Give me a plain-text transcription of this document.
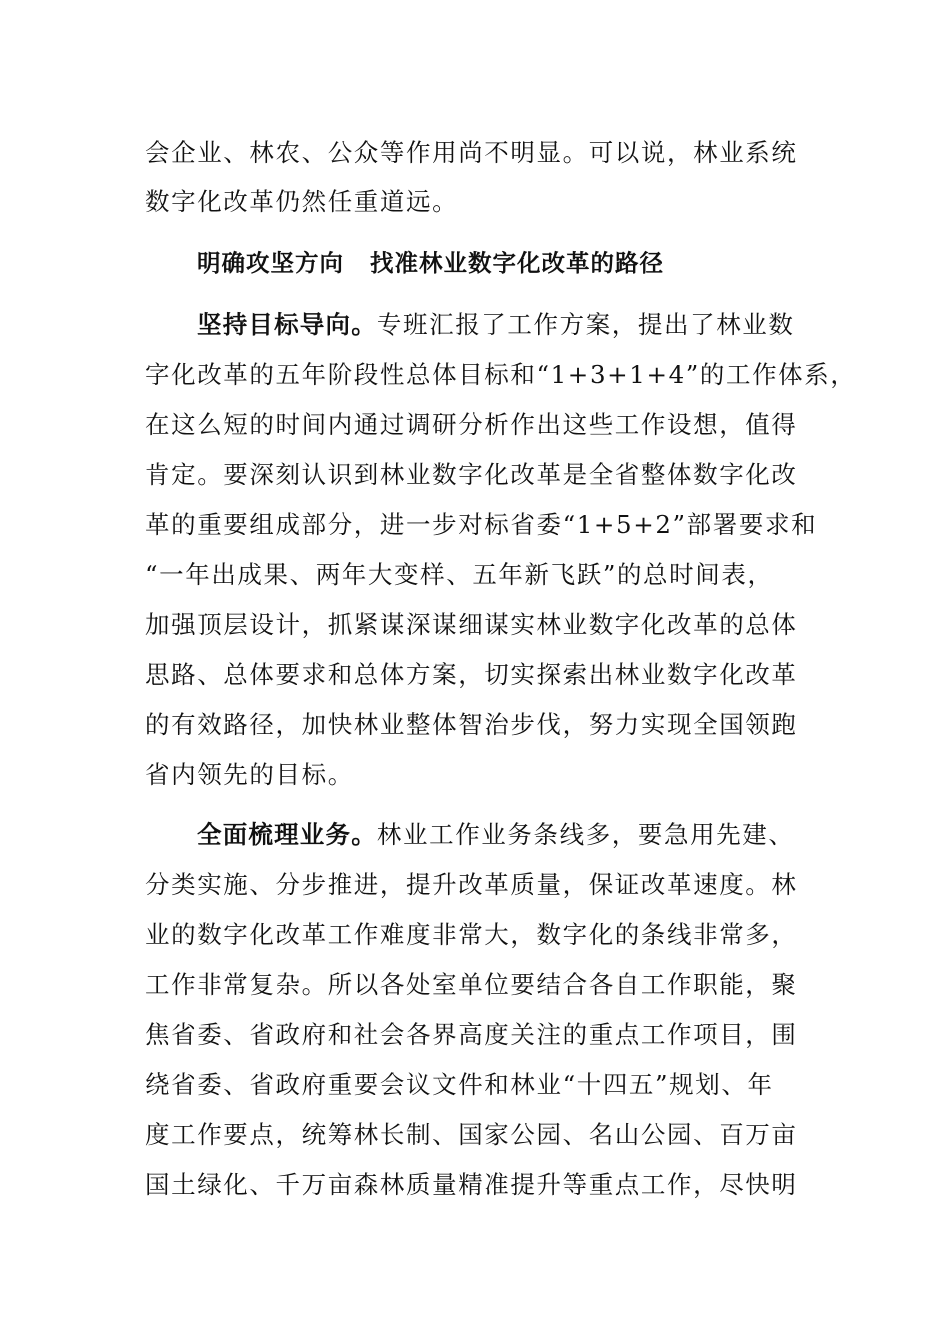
会企业、林农、公众等作用尚不明显。可以说，林业系统
数字化改革仍然任重道远。
明确攻坚方向 找准林业数字化改革的路径
坚持目标导向。专班汇报了工作方案，提出了林业数
字化改革的五年阶段性总体目标和“1+3+1+4”的工作体系，
在这么短的时间内通过调研分析作出这些工作设想，值得
肯定。要深刻认识到林业数字化改革是全省整体数字化改
革的重要组成部分，进一步对标省委“1+5+2”部署要求和
“一年出成果、两年大变样、五年新飞跃”的总时间表，
加强顶层设计，抓紧谋深谋细谋实林业数字化改革的总体
思路、总体要求和总体方案，切实探索出林业数字化改革
的有效路径，加快林业整体智治步伐，努力实现全国领跑
省内领先的目标。
全面梳理业务。林业工作业务条线多，要急用先建、
分类实施、分步推进，提升改革质量，保证改革速度。林
业的数字化改革工作难度非常大，数字化的条线非常多，
工作非常复杂。所以各处室单位要结合各自工作职能，聚
焦省委、省政府和社会各界高度关注的重点工作项目，围
绕省委、省政府重要会议文件和林业“十四五”规划、年
度工作要点，统筹林长制、国家公园、名山公园、百万亩
国土绿化、千万亩森林质量精准提升等重点工作，尽快明
